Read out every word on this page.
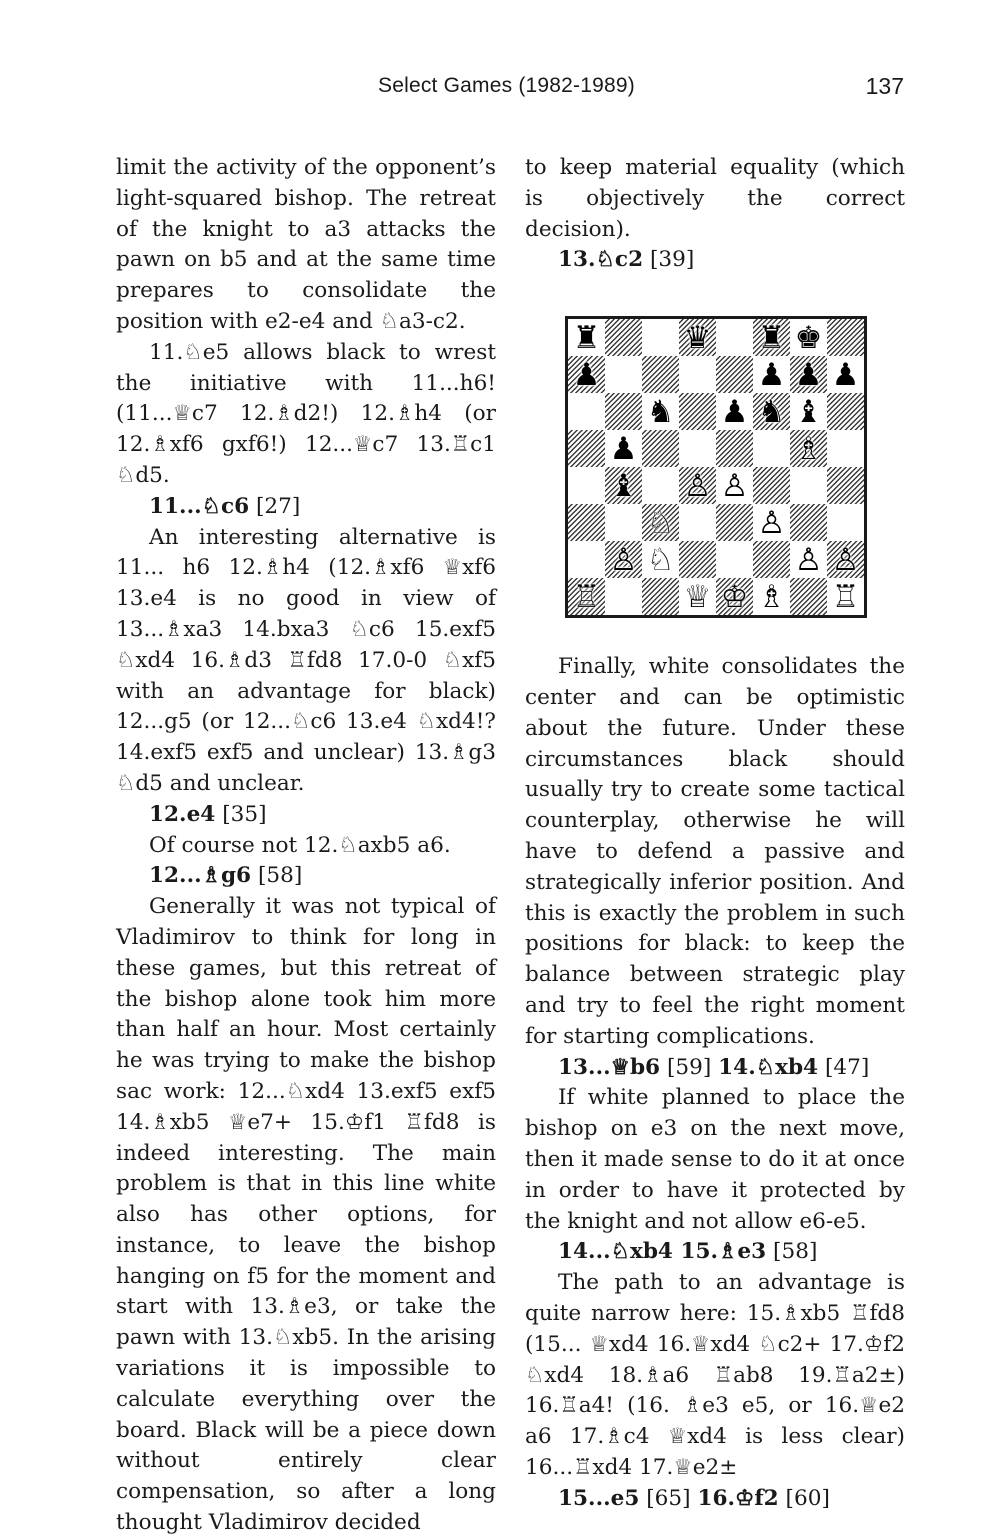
Select Games (1982-1989)	137

limit the activity of the opponent’s light-squared bishop. The retreat of the knight to a3 attacks the pawn on b5 and at the same time prepares to consolidate the position with e2-e4 and ♘a3-c2.

11.♘e5 allows black to wrest the initiative with 11...h6! (11...♕c7 12.♗d2!) 12.♗h4 (or 12.♗xf6 gxf6!) 12...♕c7 13.♖c1 ♘d5.

11...♘c6 [27]

An interesting alternative is 11... h6 12.♗h4 (12.♗xf6 ♕xf6 13.e4 is no good in view of 13...♗xa3 14.bxa3 ♘c6 15.exf5 ♘xd4 16.♗d3 ♖fd8 17.0-0 ♘xf5 with an advantage for black) 12...g5 (or 12...♘c6 13.e4 ♘xd4!? 14.exf5 exf5 and unclear) 13.♗g3 ♘d5 and unclear.

12.e4 [35]

Of course not 12.♘axb5 a6.

12...♗g6 [58]

Generally it was not typical of Vladimirov to think for long in these games, but this retreat of the bishop alone took him more than half an hour. Most certainly he was trying to make the bishop sac work: 12...♘xd4 13.exf5 exf5 14.♗xb5 ♕e7+ 15.♔f1 ♖fd8 is indeed interesting. The main problem is that in this line white also has other options, for instance, to leave the bishop hanging on f5 for the moment and start with 13.♗e3, or take the pawn with 13.♘xb5. In the arising variations it is impossible to calculate everything over the board. Black will be a piece down without entirely clear compensation, so after a long thought Vladimirov decided

to keep material equality (which is objectively the correct decision).

13.♘c2 [39]

♜	♛ ♜ ♚
♟	♟ ♟ ♟
♞ ♟ ♞ ♝
♟	♗
♝ ♙ ♙
♘	♙
♙ ♘	♙ ♙
♖	♕ ♔ ♗ ♖

Finally, white consolidates the center and can be optimistic about the future. Under these circumstances black should usually try to create some tactical counterplay, otherwise he will have to defend a passive and strategically inferior position. And this is exactly the problem in such positions for black: to keep the balance between strategic play and try to feel the right moment for starting complications.

13...♕b6 [59] 14.♘xb4 [47]

If white planned to place the bishop on e3 on the next move, then it made sense to do it at once in order to have it protected by the knight and not allow e6-e5.

14...♘xb4 15.♗e3 [58]

The path to an advantage is quite narrow here: 15.♗xb5 ♖fd8 (15... ♕xd4 16.♕xd4 ♘c2+ 17.♔f2 ♘xd4 18.♗a6 ♖ab8 19.♖a2±) 16.♖a4! (16. ♗e3 e5, or 16.♕e2 a6 17.♗c4 ♕xd4 is less clear) 16...♖xd4 17.♕e2±

15...e5 [65] 16.♔f2 [60]
